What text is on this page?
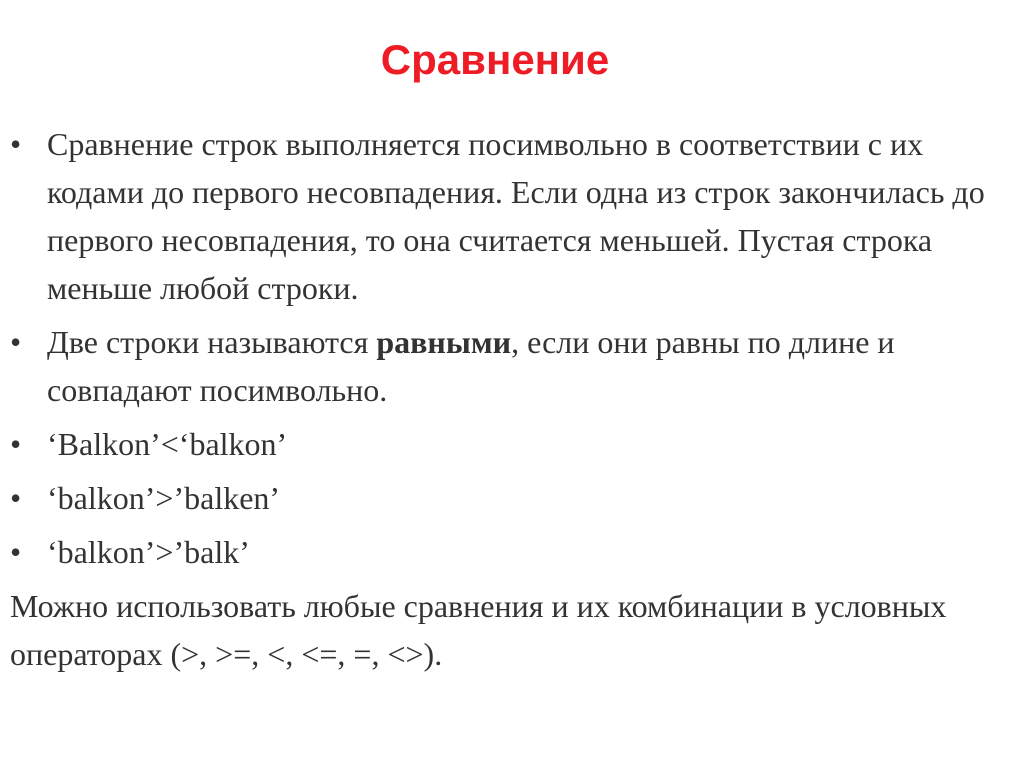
Сравнение
• Сравнение строк выполняется посимвольно в соответствии с их кодами до первого несовпадения. Если одна из строк закончилась до первого несовпадения, то она считается меньшей. Пустая строка меньше любой строки.
• Две строки называются равными, если они равны по длине и совпадают посимвольно.
• ‘Balkon’<‘balkon’
• ‘balkon’>’balken’
• ‘balkon’>’balk’
Можно использовать любые сравнения и их комбинации в условных операторах (>, >=, <, <=, =, <>).
